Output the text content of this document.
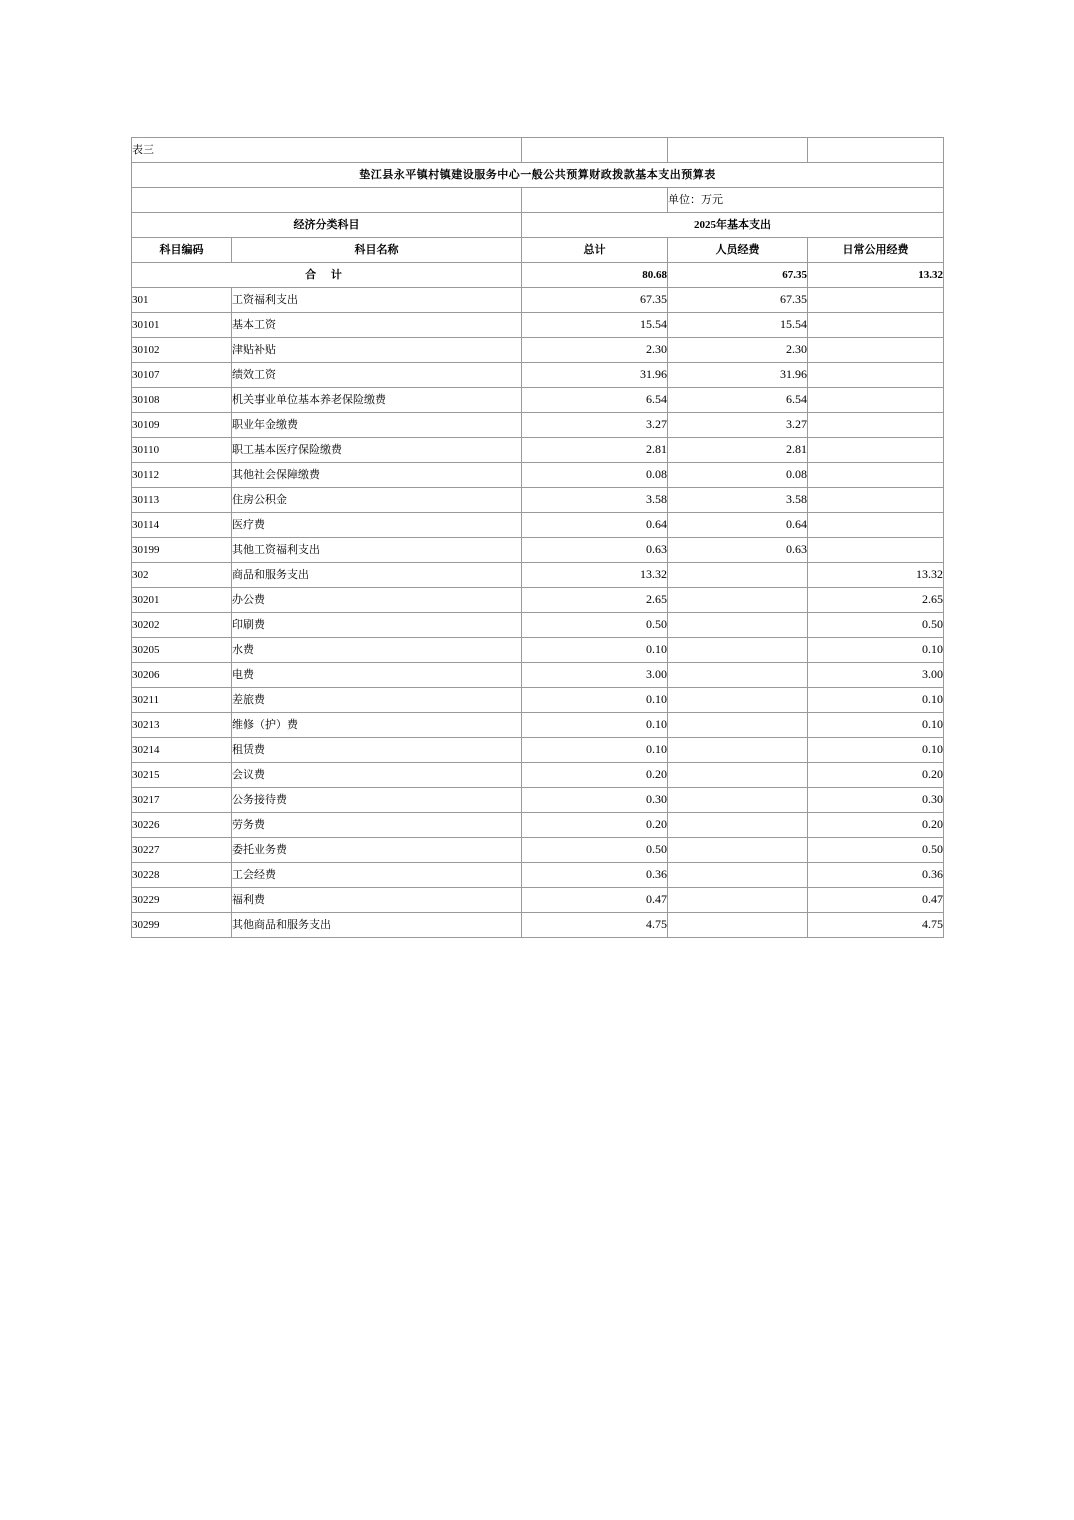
表三				
垫江县永平镇村镇建设服务中心一般公共预算财政拨款基本支出预算表				
			单位：万元	
经济分类科目		2025年基本支出		
科目编码	科目名称	总计	人员经费	日常公用经费
合 计		80.68	67.35	13.32
301	工资福利支出	67.35	67.35	
30101	基本工资	15.54	15.54	
30102	津贴补贴	2.30	2.30	
30107	绩效工资	31.96	31.96	
30108	机关事业单位基本养老保险缴费	6.54	6.54	
30109	职业年金缴费	3.27	3.27	
30110	职工基本医疗保险缴费	2.81	2.81	
30112	其他社会保障缴费	0.08	0.08	
30113	住房公积金	3.58	3.58	
30114	医疗费	0.64	0.64	
30199	其他工资福利支出	0.63	0.63	
302	商品和服务支出	13.32		13.32
30201	办公费	2.65		2.65
30202	印刷费	0.50		0.50
30205	水费	0.10		0.10
30206	电费	3.00		3.00
30211	差旅费	0.10		0.10
30213	维修（护）费	0.10		0.10
30214	租赁费	0.10		0.10
30215	会议费	0.20		0.20
30217	公务接待费	0.30		0.30
30226	劳务费	0.20		0.20
30227	委托业务费	0.50		0.50
30228	工会经费	0.36		0.36
30229	福利费	0.47		0.47
30299	其他商品和服务支出	4.75		4.75
